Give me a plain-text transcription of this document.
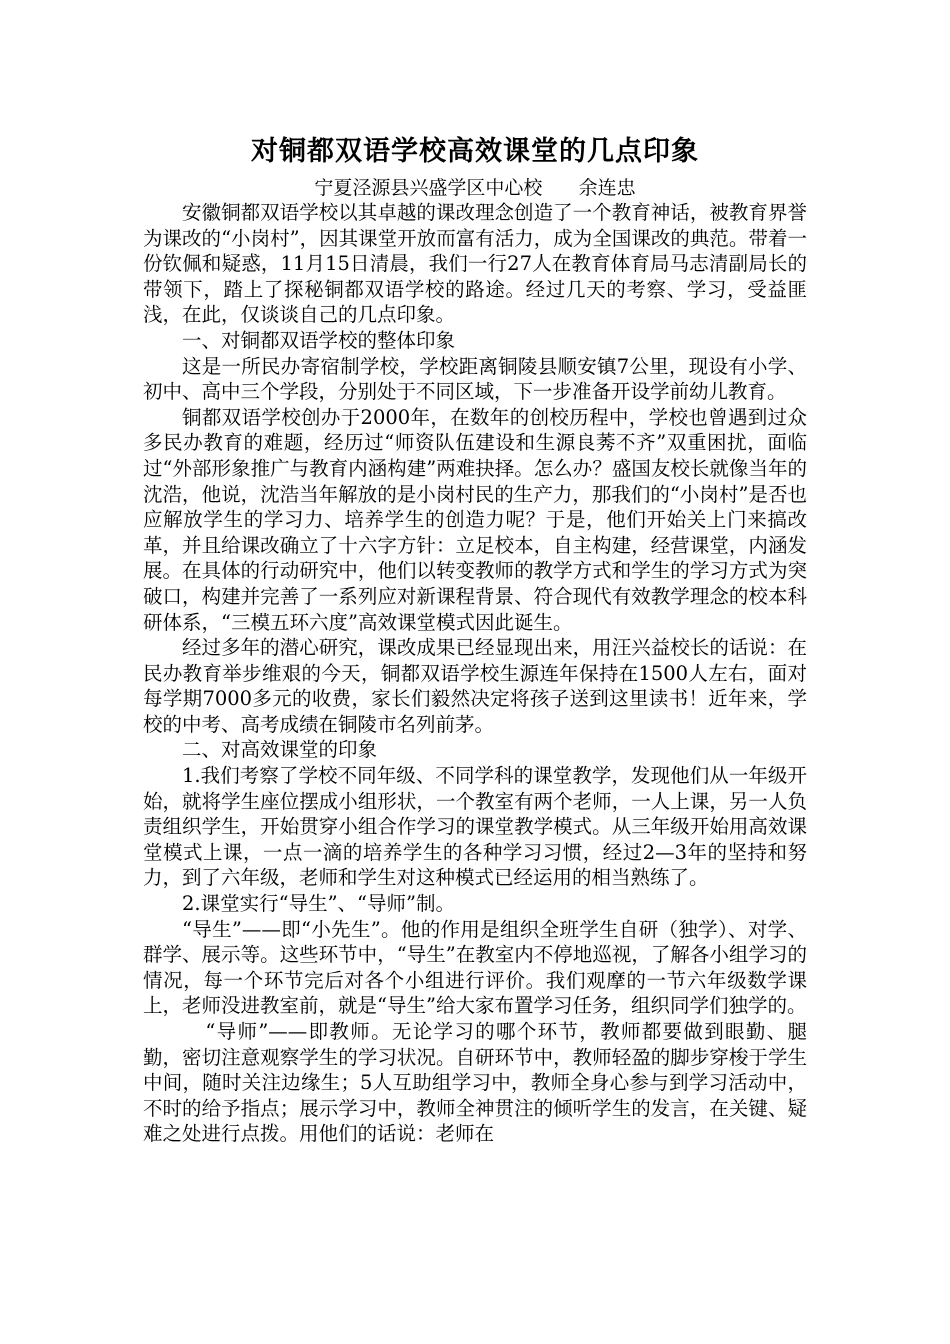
对铜都双语学校高效课堂的几点印象
宁夏泾源县兴盛学区中心校      余连忠

安徽铜都双语学校以其卓越的课改理念创造了一个教育神话，被教育界誉为课改的“小岗村”，因其课堂开放而富有活力，成为全国课改的典范。带着一份钦佩和疑惑，11月15日清晨，我们一行27人在教育体育局马志清副局长的带领下，踏上了探秘铜都双语学校的路途。经过几天的考察、学习，受益匪浅，在此，仅谈谈自己的几点印象。

一、对铜都双语学校的整体印象

这是一所民办寄宿制学校，学校距离铜陵县顺安镇7公里，现设有小学、初中、高中三个学段，分别处于不同区域，下一步准备开设学前幼儿教育。

铜都双语学校创办于2000年，在数年的创校历程中，学校也曾遇到过众多民办教育的难题，经历过“师资队伍建设和生源良莠不齐”双重困扰，面临过“外部形象推广与教育内涵构建”两难抉择。怎么办？盛国友校长就像当年的沈浩，他说，沈浩当年解放的是小岗村民的生产力，那我们的“小岗村”是否也应解放学生的学习力、培养学生的创造力呢？于是，他们开始关上门来搞改革，并且给课改确立了十六字方针：立足校本，自主构建，经营课堂，内涵发展。在具体的行动研究中，他们以转变教师的教学方式和学生的学习方式为突破口，构建并完善了一系列应对新课程背景、符合现代有效教学理念的校本科研体系，“三模五环六度”高效课堂模式因此诞生。

经过多年的潜心研究，课改成果已经显现出来，用汪兴益校长的话说：在民办教育举步维艰的今天，铜都双语学校生源连年保持在1500人左右，面对每学期7000多元的收费，家长们毅然决定将孩子送到这里读书！近年来，学校的中考、高考成绩在铜陵市名列前茅。

二、对高效课堂的印象

1.我们考察了学校不同年级、不同学科的课堂教学，发现他们从一年级开始，就将学生座位摆成小组形状，一个教室有两个老师，一人上课，另一人负责组织学生，开始贯穿小组合作学习的课堂教学模式。从三年级开始用高效课堂模式上课，一点一滴的培养学生的各种学习习惯，经过2—3年的坚持和努力，到了六年级，老师和学生对这种模式已经运用的相当熟练了。

2.课堂实行“导生”、“导师”制。

“导生”——即“小先生”。他的作用是组织全班学生自研（独学）、对学、群学、展示等。这些环节中，“导生”在教室内不停地巡视，了解各小组学习的情况，每一个环节完后对各个小组进行评价。我们观摩的一节六年级数学课上，老师没进教室前，就是“导生”给大家布置学习任务，组织同学们独学的。

“导师”——即教师。无论学习的哪个环节，教师都要做到眼勤、腿勤，密切注意观察学生的学习状况。自研环节中，教师轻盈的脚步穿梭于学生中间，随时关注边缘生；5人互助组学习中，教师全身心参与到学习活动中，不时的给予指点；展示学习中，教师全神贯注的倾听学生的发言，在关键、疑难之处进行点拨。用他们的话说：老师在
